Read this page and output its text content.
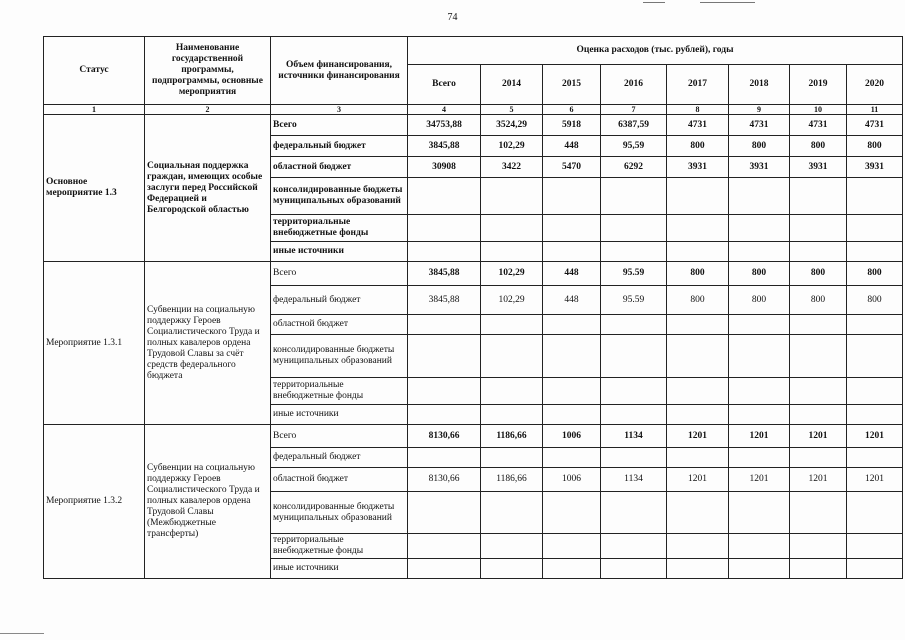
74
Статус	Наименование государственной программы, подпрограммы, основные мероприятия	Объем финансирования, источники финансирования	Оценка расходов (тыс. рублей), годы							
			Всего	2014	2015	2016	2017	2018	2019	2020
1	2	3	4	5	6	7	8	9	10	11
Основное мероприятие 1.3	Социальная поддержка граждан, имеющих особые заслуги перед Российской Федерацией и Белгородской областью	Всего	34753,88	3524,29	5918	6387,59	4731	4731	4731	4731
		федеральный бюджет	3845,88	102,29	448	95,59	800	800	800	800
		областной бюджет	30908	3422	5470	6292	3931	3931	3931	3931
		консолидированные бюджеты муниципальных образований								
		территориальные внебюджетные фонды								
		иные источники								
Мероприятие 1.3.1	Субвенции на социальную поддержку Героев Социалистического Труда и полных кавалеров ордена Трудовой Славы за счёт средств федерального бюджета	Всего	3845,88	102,29	448	95.59	800	800	800	800
		федеральный бюджет	3845,88	102,29	448	95.59	800	800	800	800
		областной бюджет								
		консолидированные бюджеты муниципальных образований								
		территориальные внебюджетные фонды								
		иные источники								
Мероприятие 1.3.2	Субвенции на социальную поддержку Героев Социалистического Труда и полных кавалеров ордена Трудовой Славы (Межбюджетные трансферты)	Всего	8130,66	1186,66	1006	1134	1201	1201	1201	1201
		федеральный бюджет								
		областной бюджет	8130,66	1186,66	1006	1134	1201	1201	1201	1201
		консолидированные бюджеты муниципальных образований								
		территориальные внебюджетные фонды								
		иные источники								
